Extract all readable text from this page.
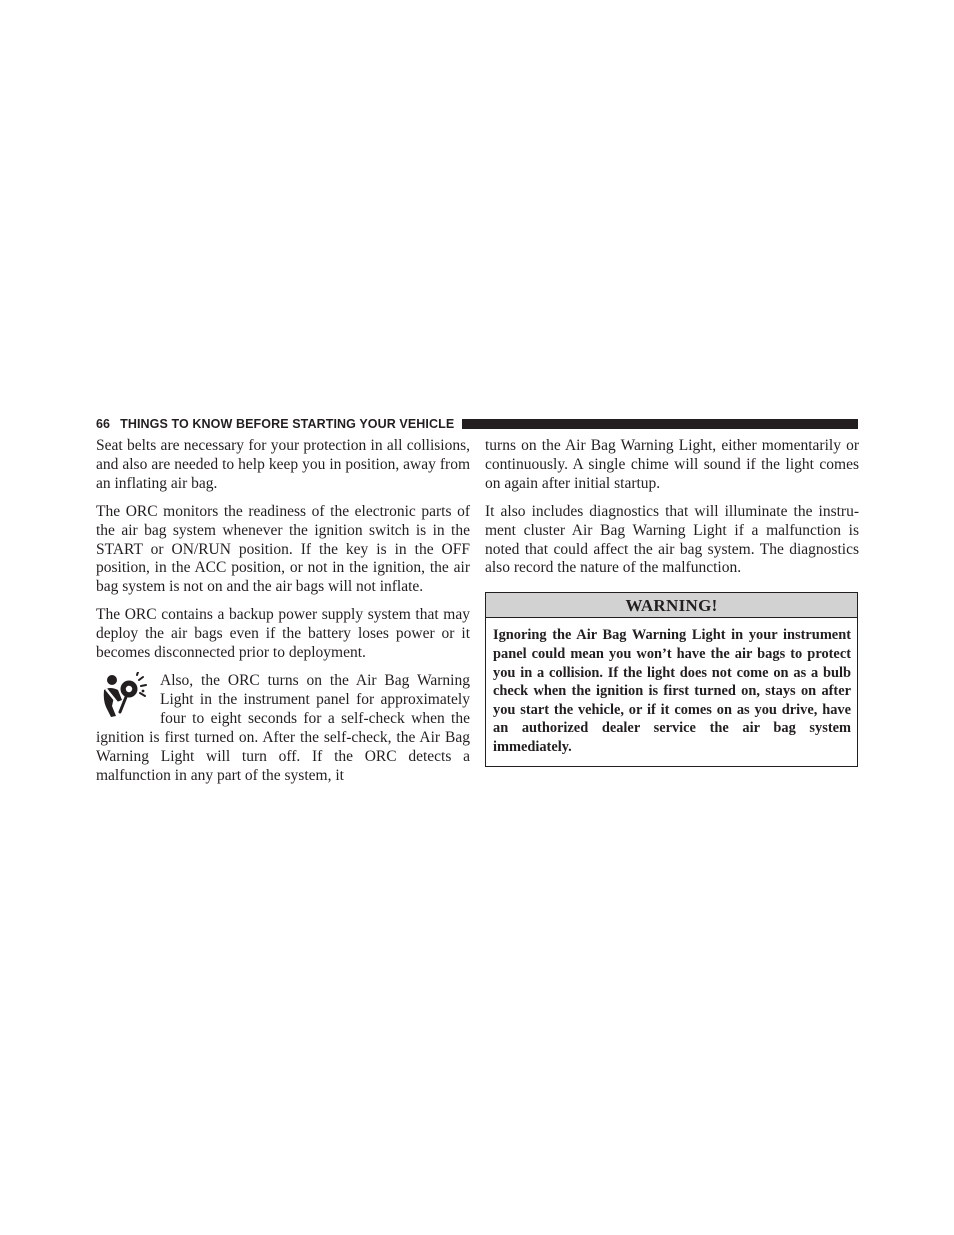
66 THINGS TO KNOW BEFORE STARTING YOUR VEHICLE

Seat belts are necessary for your protection in all collisions, and also are needed to help keep you in position, away from an inflating air bag.

The ORC monitors the readiness of the electronic parts of the air bag system whenever the ignition switch is in the START or ON/RUN position. If the key is in the OFF position, in the ACC position, or not in the ignition, the air bag system is not on and the air bags will not inflate.

The ORC contains a backup power supply system that may deploy the air bags even if the battery loses power or it becomes disconnected prior to deployment.

Also, the ORC turns on the Air Bag Warning Light in the instrument panel for approximately four to eight seconds for a self-check when the ignition is first turned on. After the self-check, the Air Bag Warning Light will turn off. If the ORC detects a malfunction in any part of the system, it

turns on the Air Bag Warning Light, either momentarily or continuously. A single chime will sound if the light comes on again after initial startup.

It also includes diagnostics that will illuminate the instrument cluster Air Bag Warning Light if a malfunction is noted that could affect the air bag system. The diagnostics also record the nature of the malfunction.

WARNING!

Ignoring the Air Bag Warning Light in your instrument panel could mean you won’t have the air bags to protect you in a collision. If the light does not come on as a bulb check when the ignition is first turned on, stays on after you start the vehicle, or if it comes on as you drive, have an authorized dealer service the air bag system immediately.
